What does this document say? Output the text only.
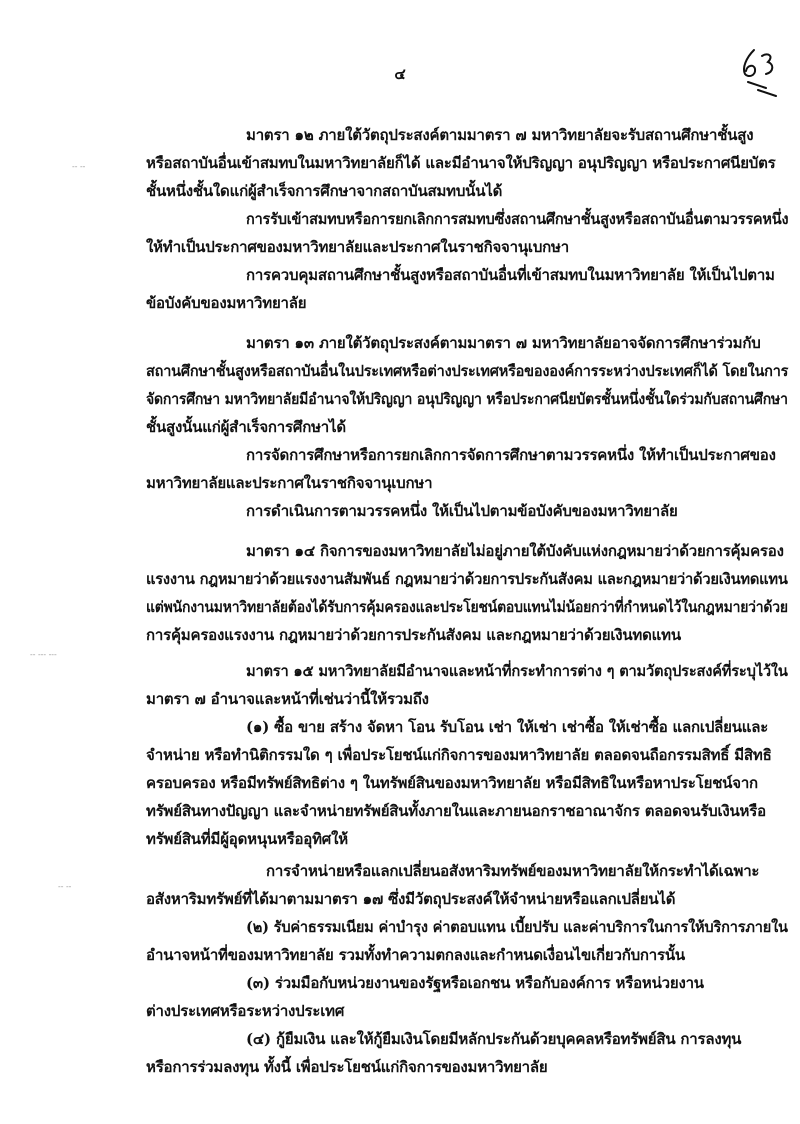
๔
-- --
-- --- ---
-- --
มาตรา ๑๒ ภายใต้วัตถุประสงค์ตามมาตรา ๗ มหาวิทยาลัยจะรับสถานศึกษาชั้นสูง
หรือสถาบันอื่นเข้าสมทบในมหาวิทยาลัยก็ได้ และมีอำนาจให้ปริญญา อนุปริญญา หรือประกาศนียบัตร
ชั้นหนึ่งชั้นใดแก่ผู้สำเร็จการศึกษาจากสถาบันสมทบนั้นได้
การรับเข้าสมทบหรือการยกเลิกการสมทบซึ่งสถานศึกษาชั้นสูงหรือสถาบันอื่นตามวรรคหนึ่ง
ให้ทำเป็นประกาศของมหาวิทยาลัยและประกาศในราชกิจจานุเบกษา
การควบคุมสถานศึกษาชั้นสูงหรือสถาบันอื่นที่เข้าสมทบในมหาวิทยาลัย ให้เป็นไปตาม
ข้อบังคับของมหาวิทยาลัย
มาตรา ๑๓ ภายใต้วัตถุประสงค์ตามมาตรา ๗ มหาวิทยาลัยอาจจัดการศึกษาร่วมกับ
สถานศึกษาชั้นสูงหรือสถาบันอื่นในประเทศหรือต่างประเทศหรือขององค์การระหว่างประเทศก็ได้ โดยในการ
จัดการศึกษา มหาวิทยาลัยมีอำนาจให้ปริญญา อนุปริญญา หรือประกาศนียบัตรชั้นหนึ่งชั้นใดร่วมกับสถานศึกษา
ชั้นสูงนั้นแก่ผู้สำเร็จการศึกษาได้
การจัดการศึกษาหรือการยกเลิกการจัดการศึกษาตามวรรคหนึ่ง ให้ทำเป็นประกาศของ
มหาวิทยาลัยและประกาศในราชกิจจานุเบกษา
การดำเนินการตามวรรคหนึ่ง ให้เป็นไปตามข้อบังคับของมหาวิทยาลัย
มาตรา ๑๔ กิจการของมหาวิทยาลัยไม่อยู่ภายใต้บังคับแห่งกฎหมายว่าด้วยการคุ้มครอง
แรงงาน กฎหมายว่าด้วยแรงงานสัมพันธ์ กฎหมายว่าด้วยการประกันสังคม และกฎหมายว่าด้วยเงินทดแทน
แต่พนักงานมหาวิทยาลัยต้องได้รับการคุ้มครองและประโยชน์ตอบแทนไม่น้อยกว่าที่กำหนดไว้ในกฎหมายว่าด้วย
การคุ้มครองแรงงาน กฎหมายว่าด้วยการประกันสังคม และกฎหมายว่าด้วยเงินทดแทน
มาตรา ๑๕ มหาวิทยาลัยมีอำนาจและหน้าที่กระทำการต่าง ๆ ตามวัตถุประสงค์ที่ระบุไว้ใน
มาตรา ๗ อำนาจและหน้าที่เช่นว่านี้ให้รวมถึง
(๑) ซื้อ ขาย สร้าง จัดหา โอน รับโอน เช่า ให้เช่า เช่าซื้อ ให้เช่าซื้อ แลกเปลี่ยนและ
จำหน่าย หรือทำนิติกรรมใด ๆ เพื่อประโยชน์แก่กิจการของมหาวิทยาลัย ตลอดจนถือกรรมสิทธิ์ มีสิทธิ
ครอบครอง หรือมีทรัพย์สิทธิต่าง ๆ ในทรัพย์สินของมหาวิทยาลัย หรือมีสิทธิในหรือหาประโยชน์จาก
ทรัพย์สินทางปัญญา และจำหน่ายทรัพย์สินทั้งภายในและภายนอกราชอาณาจักร ตลอดจนรับเงินหรือ
ทรัพย์สินที่มีผู้อุดหนุนหรืออุทิศให้
การจำหน่ายหรือแลกเปลี่ยนอสังหาริมทรัพย์ของมหาวิทยาลัยให้กระทำได้เฉพาะ
อสังหาริมทรัพย์ที่ได้มาตามมาตรา ๑๗ ซึ่งมีวัตถุประสงค์ให้จำหน่ายหรือแลกเปลี่ยนได้
(๒) รับค่าธรรมเนียม ค่าบำรุง ค่าตอบแทน เบี้ยปรับ และค่าบริการในการให้บริการภายใน
อำนาจหน้าที่ของมหาวิทยาลัย รวมทั้งทำความตกลงและกำหนดเงื่อนไขเกี่ยวกับการนั้น
(๓) ร่วมมือกับหน่วยงานของรัฐหรือเอกชน หรือกับองค์การ หรือหน่วยงาน
ต่างประเทศหรือระหว่างประเทศ
(๔) กู้ยืมเงิน และให้กู้ยืมเงินโดยมีหลักประกันด้วยบุคคลหรือทรัพย์สิน การลงทุน
หรือการร่วมลงทุน ทั้งนี้ เพื่อประโยชน์แก่กิจการของมหาวิทยาลัย
